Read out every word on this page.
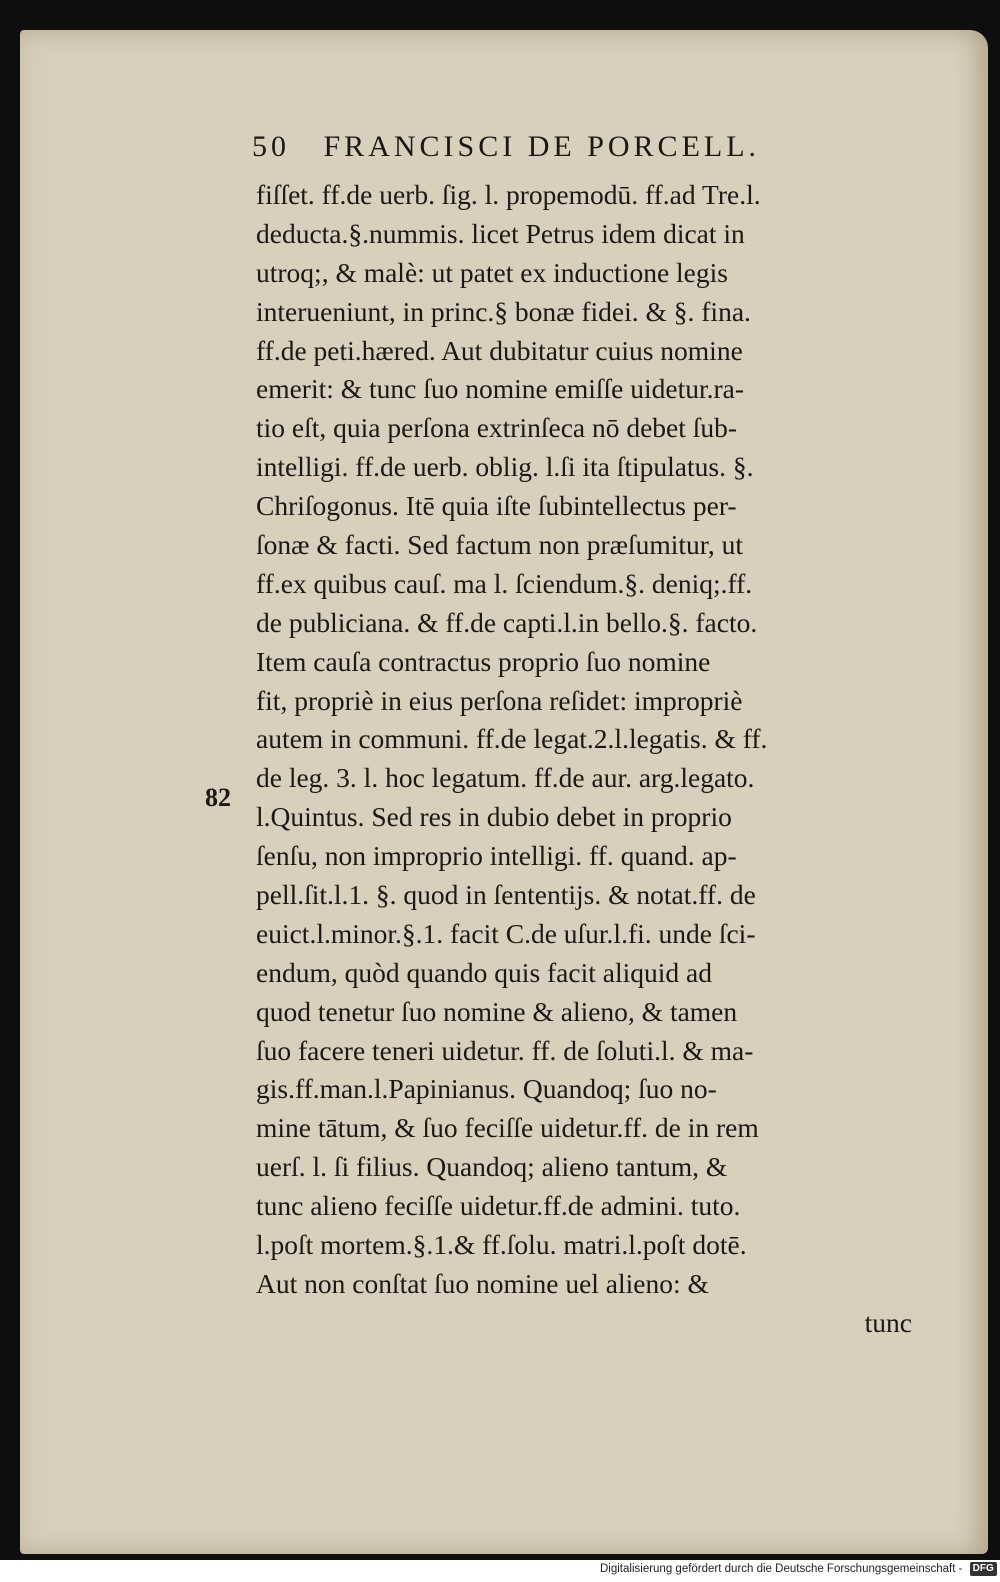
50 FRANCISCI DE PORCELL.
82
fiſſet. ff.de uerb. ſig. l. propemodū. ff.ad Tre.l.
deducta.§.nummis. licet Petrus idem dicat in
utroq;, & malè: ut patet ex inductione legis
interueniunt, in princ.§ bonæ fidei. & §. fina.
ff.de peti.hæred. Aut dubitatur cuius nomine
emerit: & tunc ſuo nomine emiſſe uidetur.ra-
tio eſt, quia perſona extrinſeca nō debet ſub-
intelligi. ff.de uerb. oblig. l.ſi ita ſtipulatus. §.
Chriſogonus. Itē quia iſte ſubintellectus per-
ſonæ & facti. Sed factum non præſumitur, ut
ff.ex quibus cauſ. ma l. ſciendum.§. deniq;.ff.
de publiciana. & ff.de capti.l.in bello.§. facto.
Item cauſa contractus proprio ſuo nomine
fit, propriè in eius perſona reſidet: impropriè
autem in communi. ff.de legat.2.l.legatis. & ff.
de leg. 3. l. hoc legatum. ff.de aur. arg.legato.
l.Quintus. Sed res in dubio debet in proprio
ſenſu, non improprio intelligi. ff. quand. ap-
pell.ſit.l.1. §. quod in ſententijs. & notat.ff. de
euict.l.minor.§.1. facit C.de uſur.l.fi. unde ſci-
endum, quòd quando quis facit aliquid ad
quod tenetur ſuo nomine & alieno, & tamen
ſuo facere teneri uidetur. ff. de ſoluti.l. & ma-
gis.ff.man.l.Papinianus. Quandoq; ſuo no-
mine tātum, & ſuo feciſſe uidetur.ff. de in rem
uerſ. l. ſi filius. Quandoq; alieno tantum, &
tunc alieno feciſſe uidetur.ff.de admini. tuto.
l.poſt mortem.§.1.& ff.ſolu. matri.l.poſt dotē.
Aut non conſtat ſuo nomine uel alieno: &
tunc
Digitalisierung gefördert durch die Deutsche Forschungsgemeinschaft - DFG
